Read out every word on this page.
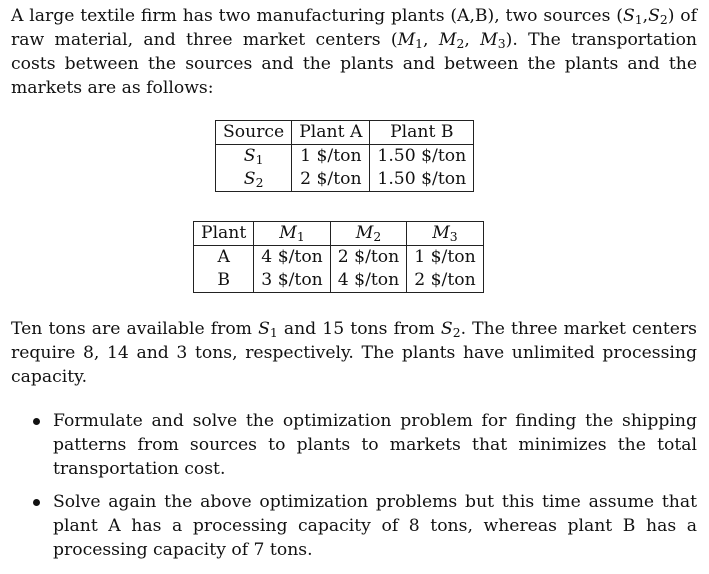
A large textile firm has two manufacturing plants (A,B), two sources $(S_1,S_2)$ of raw material, and three market centers ($M_1$, $M_2$, $M_3$). The transportation costs between the sources and the plants and between the plants and the markets are as follows:

Source	Plant A	Plant B
$S_1$	1 $/ton	1.50 $/ton
$S_2$	2 $/ton	1.50 $/ton
Plant	$M_1$	$M_2$	$M_3$
A	4 $/ton	2 $/ton	1 $/ton
B	3 $/ton	4 $/ton	2 $/ton

Ten tons are available from $S_1$ and 15 tons from $S_2$. The three market centers require 8, 14 and 3 tons, respectively. The plants have unlimited processing capacity.

Formulate and solve the optimization problem for finding the shipping patterns from sources to plants to markets that minimizes the total transportation cost.
Solve again the above optimization problems but this time assume that plant A has a processing capacity of 8 tons, whereas plant B has a processing capacity of 7 tons.
